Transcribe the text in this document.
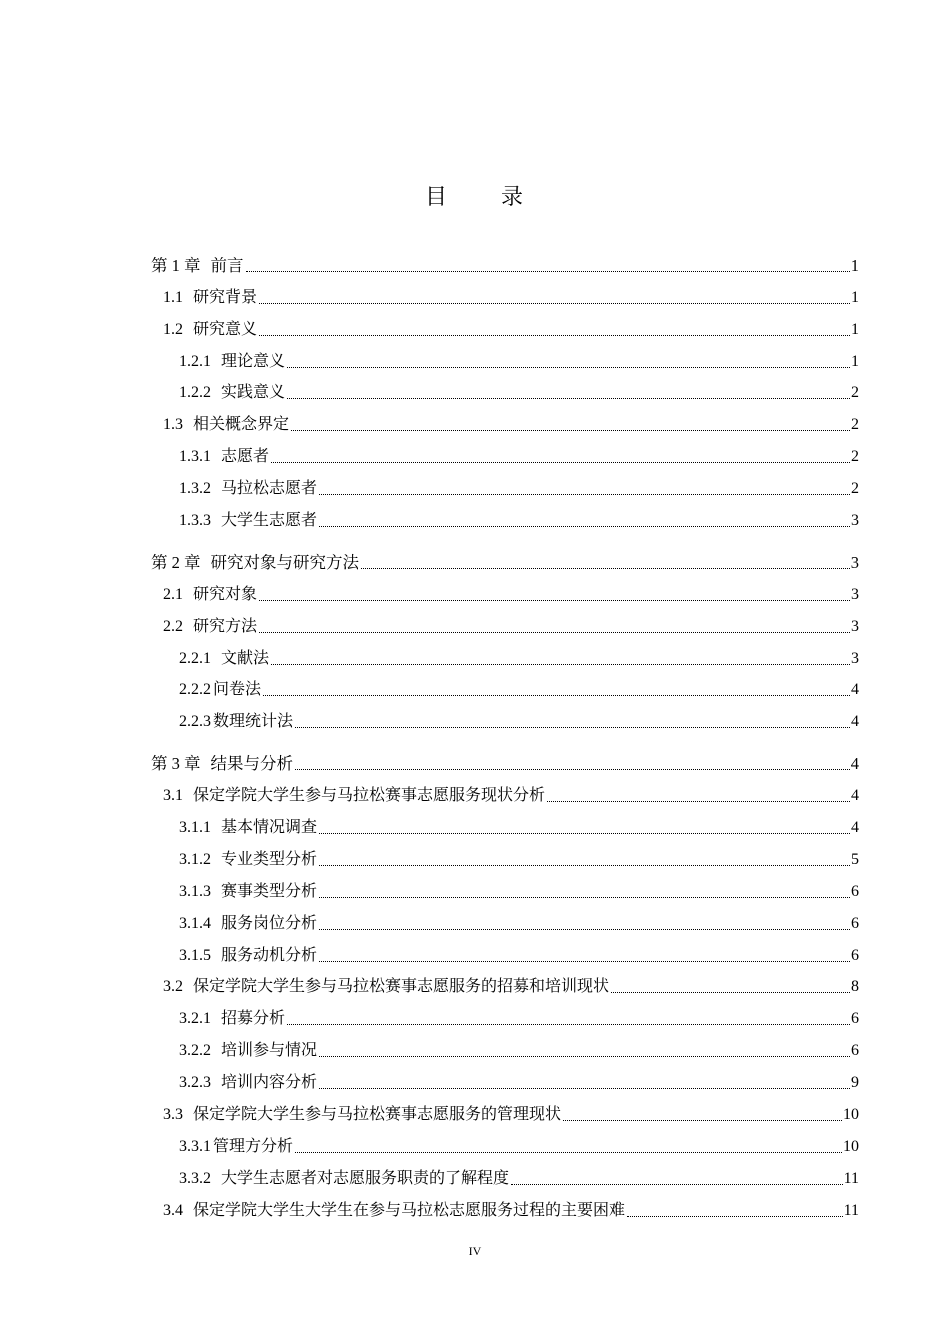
目 录
第 1 章 前言	1
1.1 研究背景	1
1.2 研究意义	1
1.2.1 理论意义	1
1.2.2 实践意义	2
1.3 相关概念界定	2
1.3.1 志愿者	2
1.3.2 马拉松志愿者	2
1.3.3 大学生志愿者	3
第 2 章 研究对象与研究方法	3
2.1 研究对象	3
2.2 研究方法	3
2.2.1 文献法	3
2.2.2 问卷法	4
2.2.3 数理统计法	4
第 3 章 结果与分析	4
3.1 保定学院大学生参与马拉松赛事志愿服务现状分析	4
3.1.1 基本情况调查	4
3.1.2 专业类型分析	5
3.1.3 赛事类型分析	6
3.1.4 服务岗位分析	6
3.1.5 服务动机分析	6
3.2 保定学院大学生参与马拉松赛事志愿服务的招募和培训现状	8
3.2.1 招募分析	6
3.2.2 培训参与情况	6
3.2.3 培训内容分析	9
3.3 保定学院大学生参与马拉松赛事志愿服务的管理现状	10
3.3.1 管理方分析	10
3.3.2 大学生志愿者对志愿服务职责的了解程度	11
3.4 保定学院大学生大学生在参与马拉松志愿服务过程的主要困难	11
IV
